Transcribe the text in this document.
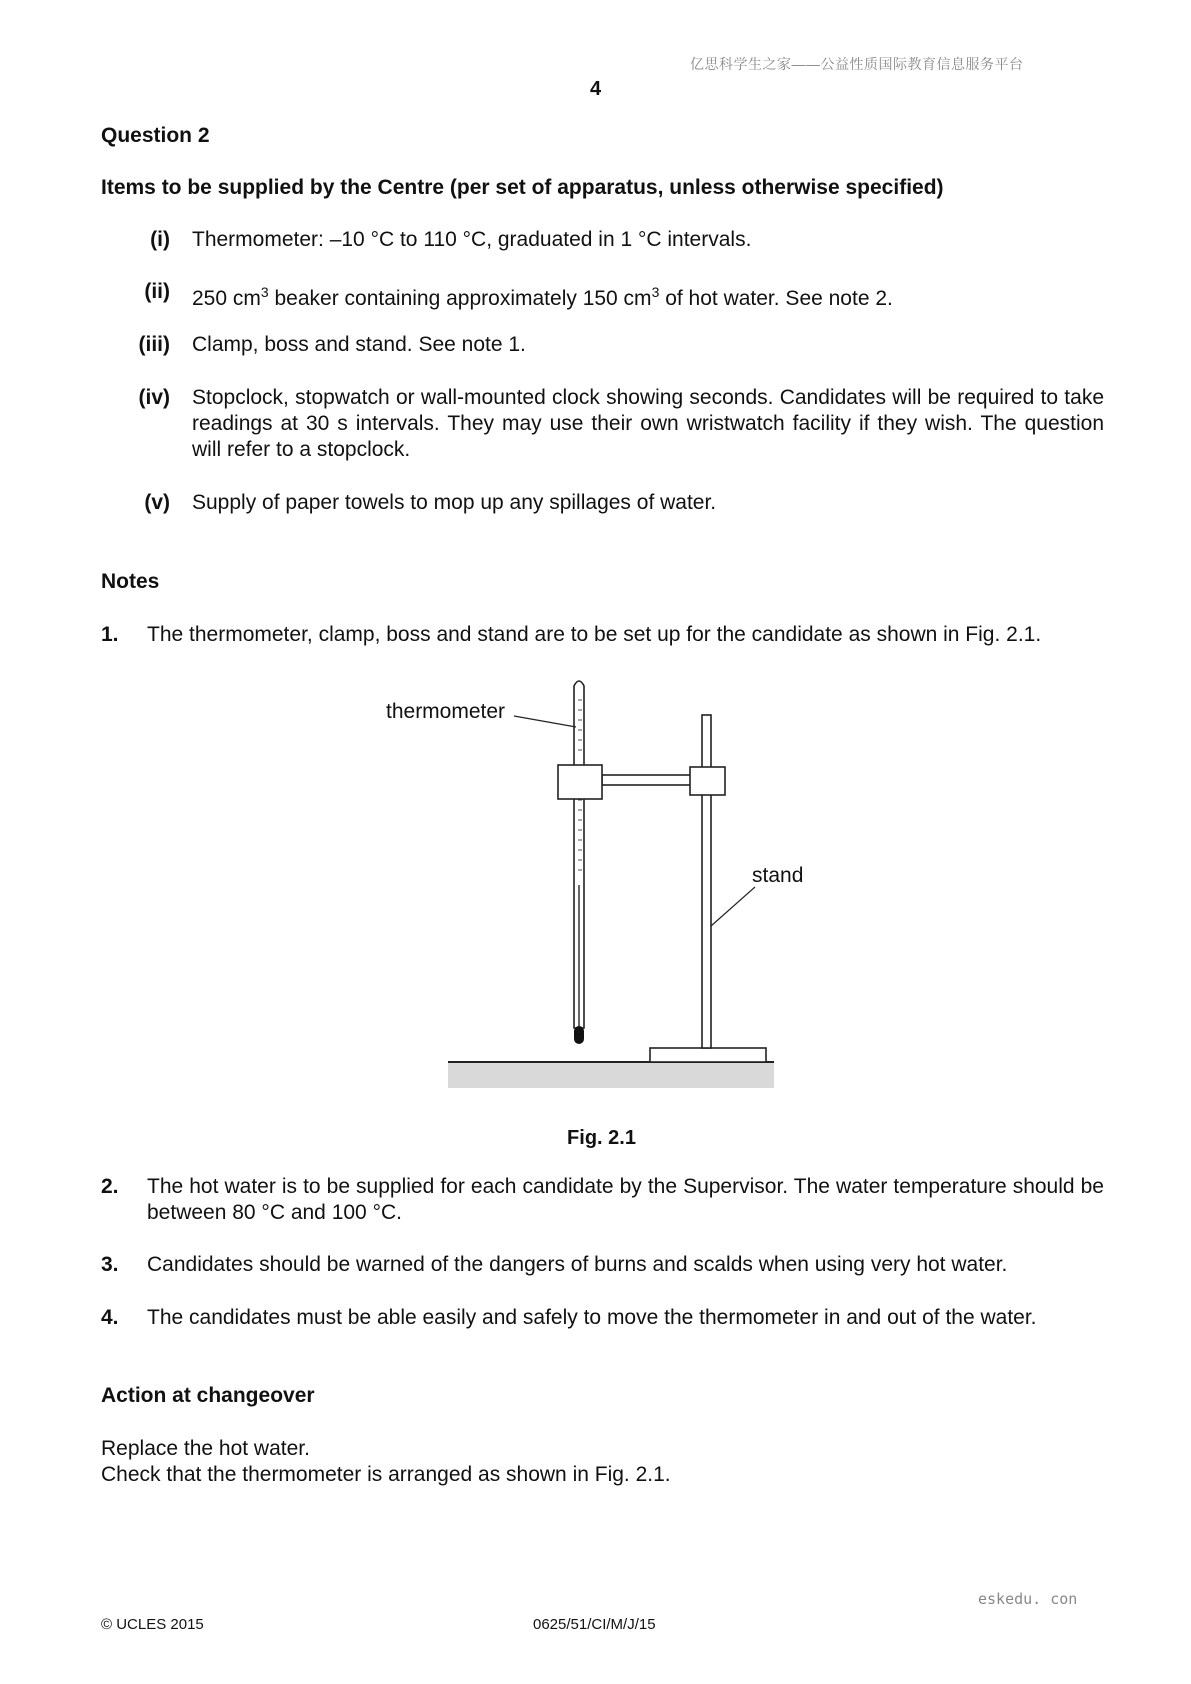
亿思科学生之家——公益性质国际教育信息服务平台
4
Question 2
Items to be supplied by the Centre (per set of apparatus, unless otherwise specified)
(i) Thermometer: –10 °C to 110 °C, graduated in 1 °C intervals.
(ii) 250 $cm^3$ beaker containing approximately 150 $cm^3$ of hot water. See note 2.
(iii) Clamp, boss and stand. See note 1.
(iv) Stopclock, stopwatch or wall-mounted clock showing seconds. Candidates will be required to take readings at 30 s intervals. They may use their own wristwatch facility if they wish. The question will refer to a stopclock.
(v) Supply of paper towels to mop up any spillages of water.
Notes
1. The thermometer, clamp, boss and stand are to be set up for the candidate as shown in Fig. 2.1.
thermometer
stand
Fig. 2.1
2. The hot water is to be supplied for each candidate by the Supervisor. The water temperature should be between 80 °C and 100 °C.
3. Candidates should be warned of the dangers of burns and scalds when using very hot water.
4. The candidates must be able easily and safely to move the thermometer in and out of the water.
Action at changeover
Replace the hot water.
Check that the thermometer is arranged as shown in Fig. 2.1.
eskedu. con
© UCLES 2015	0625/51/CI/M/J/15
